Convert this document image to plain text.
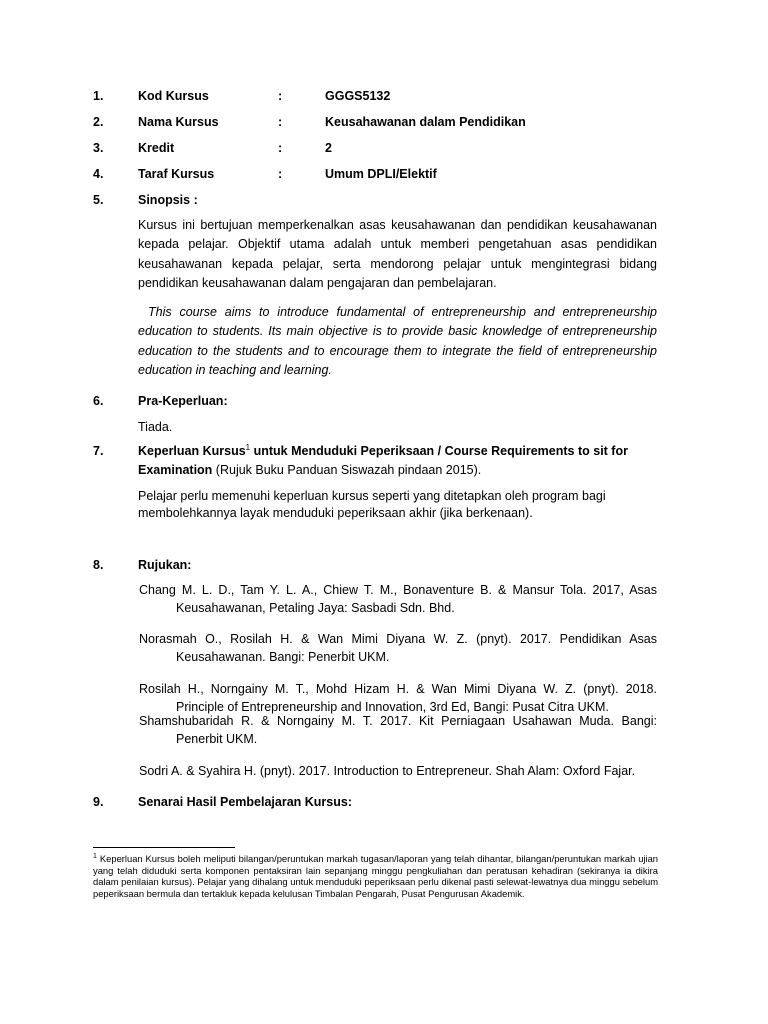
1.	Kod Kursus	:	GGGS5132
2.	Nama Kursus	:	Keusahawanan dalam Pendidikan
3.	Kredit	:	2
4.	Taraf Kursus	:	Umum DPLI/Elektif
5.	Sinopsis :
Kursus ini bertujuan memperkenalkan asas keusahawanan dan pendidikan keusahawanan kepada pelajar. Objektif utama adalah untuk memberi pengetahuan asas pendidikan keusahawanan kepada pelajar, serta mendorong pelajar untuk mengintegrasi bidang pendidikan keusahawanan dalam pengajaran dan pembelajaran.
This course aims to introduce fundamental of entrepreneurship and entrepreneurship education to students. Its main objective is to provide basic knowledge of entrepreneurship education to the students and to encourage them to integrate the field of entrepreneurship education in teaching and learning.
6.	Pra-Keperluan:
Tiada.
7.	Keperluan Kursus$^1$ untuk Menduduki Peperiksaan / Course Requirements to sit for Examination (Rujuk Buku Panduan Siswazah pindaan 2015).
Pelajar perlu memenuhi keperluan kursus seperti yang ditetapkan oleh program bagi membolehkannya layak menduduki peperiksaan akhir (jika berkenaan).
8.	Rujukan:
Chang M. L. D., Tam Y. L. A., Chiew T. M., Bonaventure B. & Mansur Tola. 2017, Asas
Keusahawanan, Petaling Jaya: Sasbadi Sdn. Bhd.
Norasmah O., Rosilah H. & Wan Mimi Diyana W. Z. (pnyt). 2017. Pendidikan Asas
Keusahawanan. Bangi: Penerbit UKM.
Rosilah H., Norngainy M. T., Mohd Hizam H. & Wan Mimi Diyana W. Z. (pnyt). 2018.
Principle of Entrepreneurship and Innovation, 3rd Ed, Bangi: Pusat Citra UKM.
Shamshubaridah R. & Norngainy M. T. 2017. Kit Perniagaan Usahawan Muda. Bangi:
Penerbit UKM.
Sodri A. & Syahira H. (pnyt). 2017. Introduction to Entrepreneur. Shah Alam: Oxford Fajar.
9.	Senarai Hasil Pembelajaran Kursus:
$^1$ Keperluan Kursus boleh meliputi bilangan/peruntukan markah tugasan/laporan yang telah dihantar, bilangan/peruntukan markah ujian yang telah diduduki serta komponen pentaksiran lain sepanjang minggu pengkuliahan dan peratusan kehadiran (sekiranya ia dikira dalam penilaian kursus). Pelajar yang dihalang untuk menduduki peperiksaan perlu dikenal pasti selewat-lewatnya dua minggu sebelum peperiksaan bermula dan tertakluk kepada kelulusan Timbalan Pengarah, Pusat Pengurusan Akademik.
